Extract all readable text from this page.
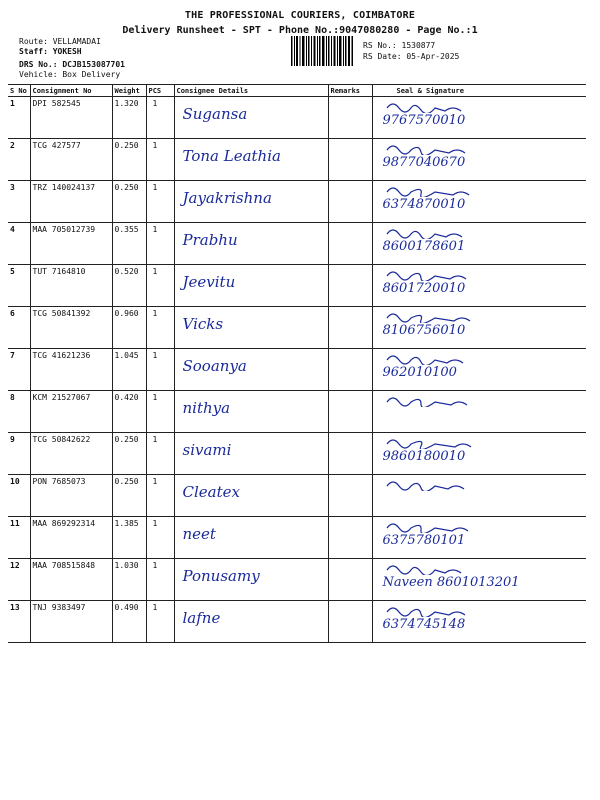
THE PROFESSIONAL COURIERS, COIMBATORE
Delivery Runsheet - SPT - Phone No.:9047080280 - Page No.:1
Route: VELLAMADAI
Staff: YOKESH
DRS No.: DCJB153087701
Vehicle: Box Delivery
RS No.: 1530877
RS Date: 05-Apr-2025
S No	Consignment No	Weight	PCS	Consignee Details	Remarks	Seal & Signature
1	DPI 582545	1.320	1	Sugansa		9767570010

2	TCG 427577	0.250	1	Tona Leathia		9877040670

3	TRZ 140024137	0.250	1	Jayakrishna		6374870010

4	MAA 705012739	0.355	1	Prabhu		8600178601

5	TUT 7164810	0.520	1	Jeevitu		8601720010

6	TCG 50841392	0.960	1	Vicks		8106756010

7	TCG 41621236	1.045	1	Sooanya		962010100

8	KCM 21527067	0.420	1	nithya

9	TCG 50842622	0.250	1	sivami		9860180010

10	PON 7685073	0.250	1	Cleatex

11	MAA 869292314	1.385	1	neet		6375780101

12	MAA 708515848	1.030	1	Ponusamy		Naveen 8601013201

13	TNJ 9383497	0.490	1	lafne		6374745148
